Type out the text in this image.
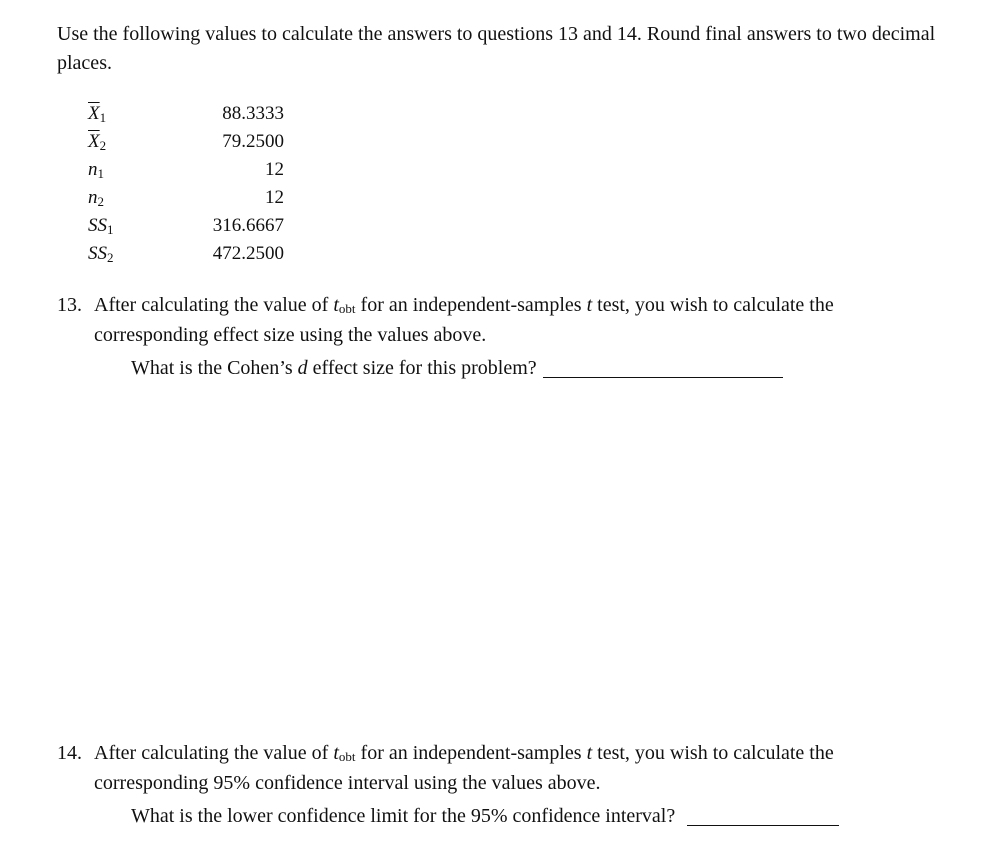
Use the following values to calculate the answers to questions 13 and 14. Round final answers to two decimal places.
$\overline{X}_1$	88.3333
$\overline{X}_2$	79.2500
$n_1$	12
$n_2$	12
$SS_1$	316.6667
$SS_2$	472.2500
13. After calculating the value of $t_{obt}$ for an independent-samples t test, you wish to calculate the corresponding effect size using the values above.
What is the Cohen’s d effect size for this problem?
14. After calculating the value of $t_{obt}$ for an independent-samples t test, you wish to calculate the corresponding 95% confidence interval using the values above.
What is the lower confidence limit for the 95% confidence interval?
